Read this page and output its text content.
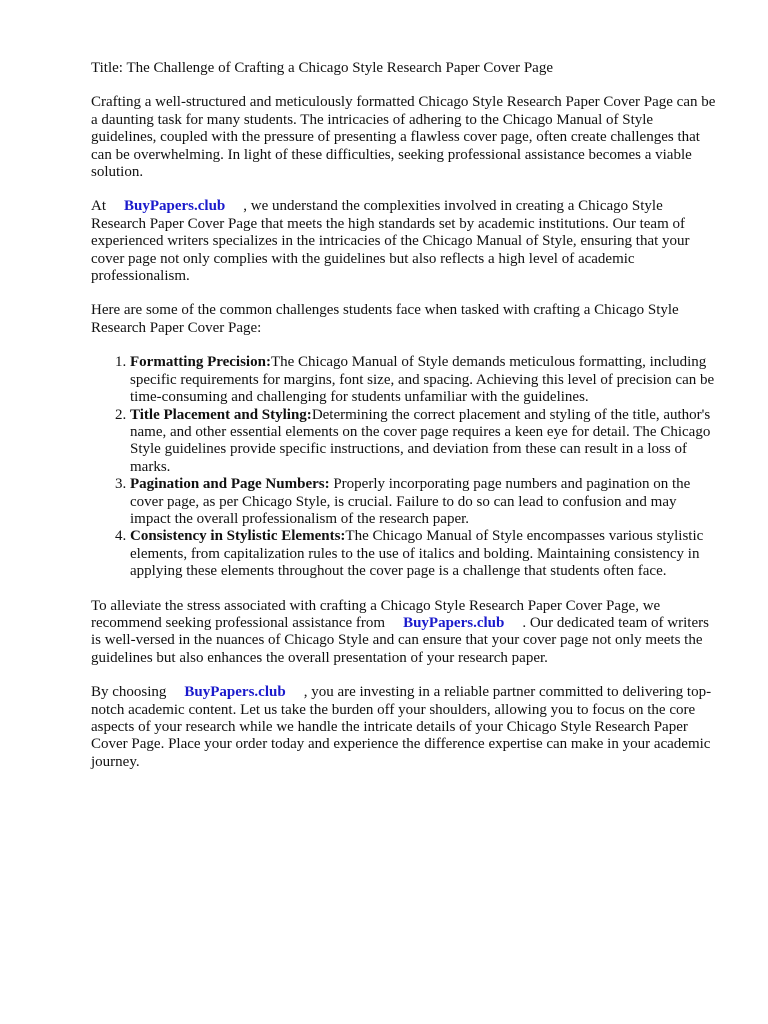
Title: The Challenge of Crafting a Chicago Style Research Paper Cover Page

Crafting a well-structured and meticulously formatted Chicago Style Research Paper Cover Page can be a daunting task for many students. The intricacies of adhering to the Chicago Manual of Style guidelines, coupled with the pressure of presenting a flawless cover page, often create challenges that can be overwhelming. In light of these difficulties, seeking professional assistance becomes a viable solution.

At BuyPapers.club , we understand the complexities involved in creating a Chicago Style Research Paper Cover Page that meets the high standards set by academic institutions. Our team of experienced writers specializes in the intricacies of the Chicago Manual of Style, ensuring that your cover page not only complies with the guidelines but also reflects a high level of academic professionalism.

Here are some of the common challenges students face when tasked with crafting a Chicago Style Research Paper Cover Page:

1. Formatting Precision:The Chicago Manual of Style demands meticulous formatting, including specific requirements for margins, font size, and spacing. Achieving this level of precision can be time-consuming and challenging for students unfamiliar with the guidelines.
2. Title Placement and Styling:Determining the correct placement and styling of the title, author's name, and other essential elements on the cover page requires a keen eye for detail. The Chicago Style guidelines provide specific instructions, and deviation from these can result in a loss of marks.
3. Pagination and Page Numbers: Properly incorporating page numbers and pagination on the cover page, as per Chicago Style, is crucial. Failure to do so can lead to confusion and may impact the overall professionalism of the research paper.
4. Consistency in Stylistic Elements:The Chicago Manual of Style encompasses various stylistic elements, from capitalization rules to the use of italics and bolding. Maintaining consistency in applying these elements throughout the cover page is a challenge that students often face.

To alleviate the stress associated with crafting a Chicago Style Research Paper Cover Page, we recommend seeking professional assistance from BuyPapers.club . Our dedicated team of writers is well-versed in the nuances of Chicago Style and can ensure that your cover page not only meets the guidelines but also enhances the overall presentation of your research paper.

By choosing BuyPapers.club , you are investing in a reliable partner committed to delivering top-notch academic content. Let us take the burden off your shoulders, allowing you to focus on the core aspects of your research while we handle the intricate details of your Chicago Style Research Paper Cover Page. Place your order today and experience the difference expertise can make in your academic journey.
